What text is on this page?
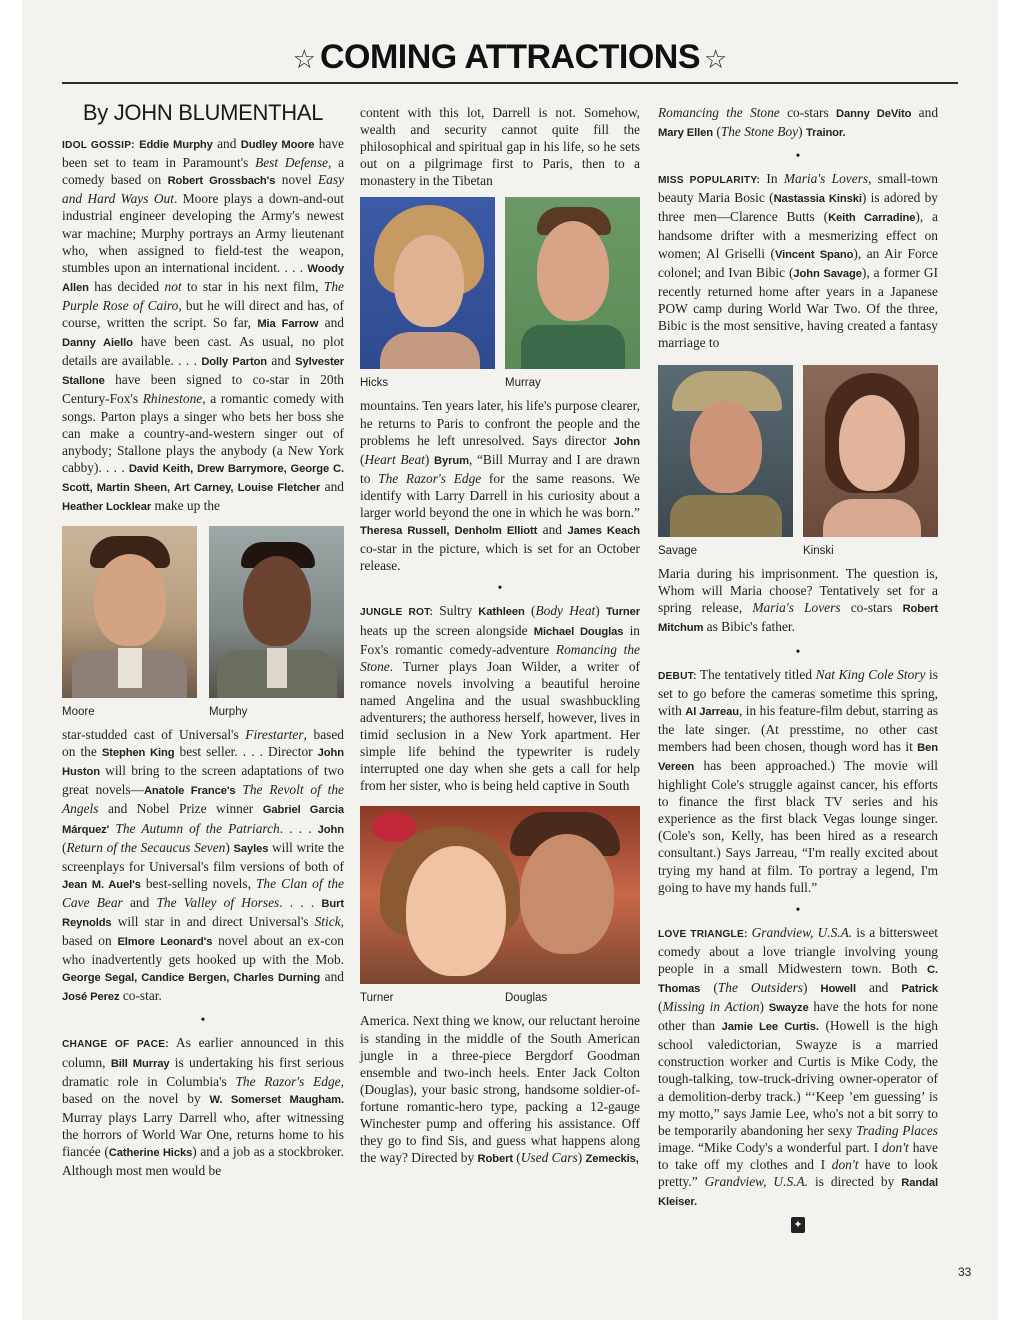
☆ COMING ATTRACTIONS ☆

By JOHN BLUMENTHAL

IDOL GOSSIP: Eddie Murphy and Dudley Moore have been set to team in Paramount's Best Defense, a comedy based on Robert Grossbach's novel Easy and Hard Ways Out. Moore plays a down-and-out industrial engineer developing the Army's newest war machine; Murphy portrays an Army lieutenant who, when assigned to field-test the weapon, stumbles upon an international incident. . . . Woody Allen has decided not to star in his next film, The Purple Rose of Cairo, but he will direct and has, of course, written the script. So far, Mia Farrow and Danny Aiello have been cast. As usual, no plot details are available. . . . Dolly Parton and Sylvester Stallone have been signed to co-star in 20th Century-Fox's Rhinestone, a romantic comedy with songs. Parton plays a singer who bets her boss she can make a country-and-western singer out of anybody; Stallone plays the anybody (a New York cabby). . . . David Keith, Drew Barrymore, George C. Scott, Martin Sheen, Art Carney, Louise Fletcher and Heather Locklear make up the

Moore	Murphy

star-studded cast of Universal's Firestarter, based on the Stephen King best seller. . . . Director John Huston will bring to the screen adaptations of two great novels—Anatole France's The Revolt of the Angels and Nobel Prize winner Gabriel Garcia Márquez' The Autumn of the Patriarch. . . . John (Return of the Secaucus Seven) Sayles will write the screenplays for Universal's film versions of both of Jean M. Auel's best-selling novels, The Clan of the Cave Bear and The Valley of Horses. . . . Burt Reynolds will star in and direct Universal's Stick, based on Elmore Leonard's novel about an ex-con who inadvertently gets hooked up with the Mob. George Segal, Candice Bergen, Charles Durning and José Perez co-star.

•

CHANGE OF PACE: As earlier announced in this column, Bill Murray is undertaking his first serious dramatic role in Columbia's The Razor's Edge, based on the novel by W. Somerset Maugham. Murray plays Larry Darrell who, after witnessing the horrors of World War One, returns home to his fiancée (Catherine Hicks) and a job as a stockbroker. Although most men would be

content with this lot, Darrell is not. Somehow, wealth and security cannot quite fill the philosophical and spiritual gap in his life, so he sets out on a pilgrimage first to Paris, then to a monastery in the Tibetan

Hicks	Murray

mountains. Ten years later, his life's purpose clearer, he returns to Paris to confront the people and the problems he left unresolved. Says director John (Heart Beat) Byrum, “Bill Murray and I are drawn to The Razor's Edge for the same reasons. We identify with Larry Darrell in his curiosity about a larger world beyond the one in which he was born.” Theresa Russell, Denholm Elliott and James Keach co-star in the picture, which is set for an October release.

•

JUNGLE ROT: Sultry Kathleen (Body Heat) Turner heats up the screen alongside Michael Douglas in Fox's romantic comedy-adventure Romancing the Stone. Turner plays Joan Wilder, a writer of romance novels involving a beautiful heroine named Angelina and the usual swashbuckling adventurers; the authoress herself, however, lives in timid seclusion in a New York apartment. Her simple life behind the typewriter is rudely interrupted one day when she gets a call for help from her sister, who is being held captive in South

Turner	Douglas

America. Next thing we know, our reluctant heroine is standing in the middle of the South American jungle in a three-piece Bergdorf Goodman ensemble and two-inch heels. Enter Jack Colton (Douglas), your basic strong, handsome soldier-of-fortune romantic-hero type, packing a 12-gauge Winchester pump and offering his assistance. Off they go to find Sis, and guess what happens along the way? Directed by Robert (Used Cars) Zemeckis,

Romancing the Stone co-stars Danny DeVito and Mary Ellen (The Stone Boy) Trainor.

•

MISS POPULARITY: In Maria's Lovers, small-town beauty Maria Bosic (Nastassia Kinski) is adored by three men—Clarence Butts (Keith Carradine), a handsome drifter with a mesmerizing effect on women; Al Griselli (Vincent Spano), an Air Force colonel; and Ivan Bibic (John Savage), a former GI recently returned home after years in a Japanese POW camp during World War Two. Of the three, Bibic is the most sensitive, having created a fantasy marriage to

Savage	Kinski

Maria during his imprisonment. The question is, Whom will Maria choose? Tentatively set for a spring release, Maria's Lovers co-stars Robert Mitchum as Bibic's father.

•

DEBUT: The tentatively titled Nat King Cole Story is set to go before the cameras sometime this spring, with Al Jarreau, in his feature-film debut, starring as the late singer. (At presstime, no other cast members had been chosen, though word has it Ben Vereen has been approached.) The movie will highlight Cole's struggle against cancer, his efforts to finance the first black TV series and his experience as the first black Vegas lounge singer. (Cole's son, Kelly, has been hired as a research consultant.) Says Jarreau, “I'm really excited about trying my hand at film. To portray a legend, I'm going to have my hands full.”

•

LOVE TRIANGLE: Grandview, U.S.A. is a bittersweet comedy about a love triangle involving young people in a small Midwestern town. Both C. Thomas (The Outsiders) Howell and Patrick (Missing in Action) Swayze have the hots for none other than Jamie Lee Curtis. (Howell is the high school valedictorian, Swayze is a married construction worker and Curtis is Mike Cody, the tough-talking, tow-truck-driving owner-operator of a demolition-derby track.) “‘Keep ’em guessing’ is my motto,” says Jamie Lee, who's not a bit sorry to be temporarily abandoning her sexy Trading Places image. “Mike Cody's a wonderful part. I don't have to take off my clothes and I don't have to look pretty.” Grandview, U.S.A. is directed by Randal Kleiser.

✦

33
